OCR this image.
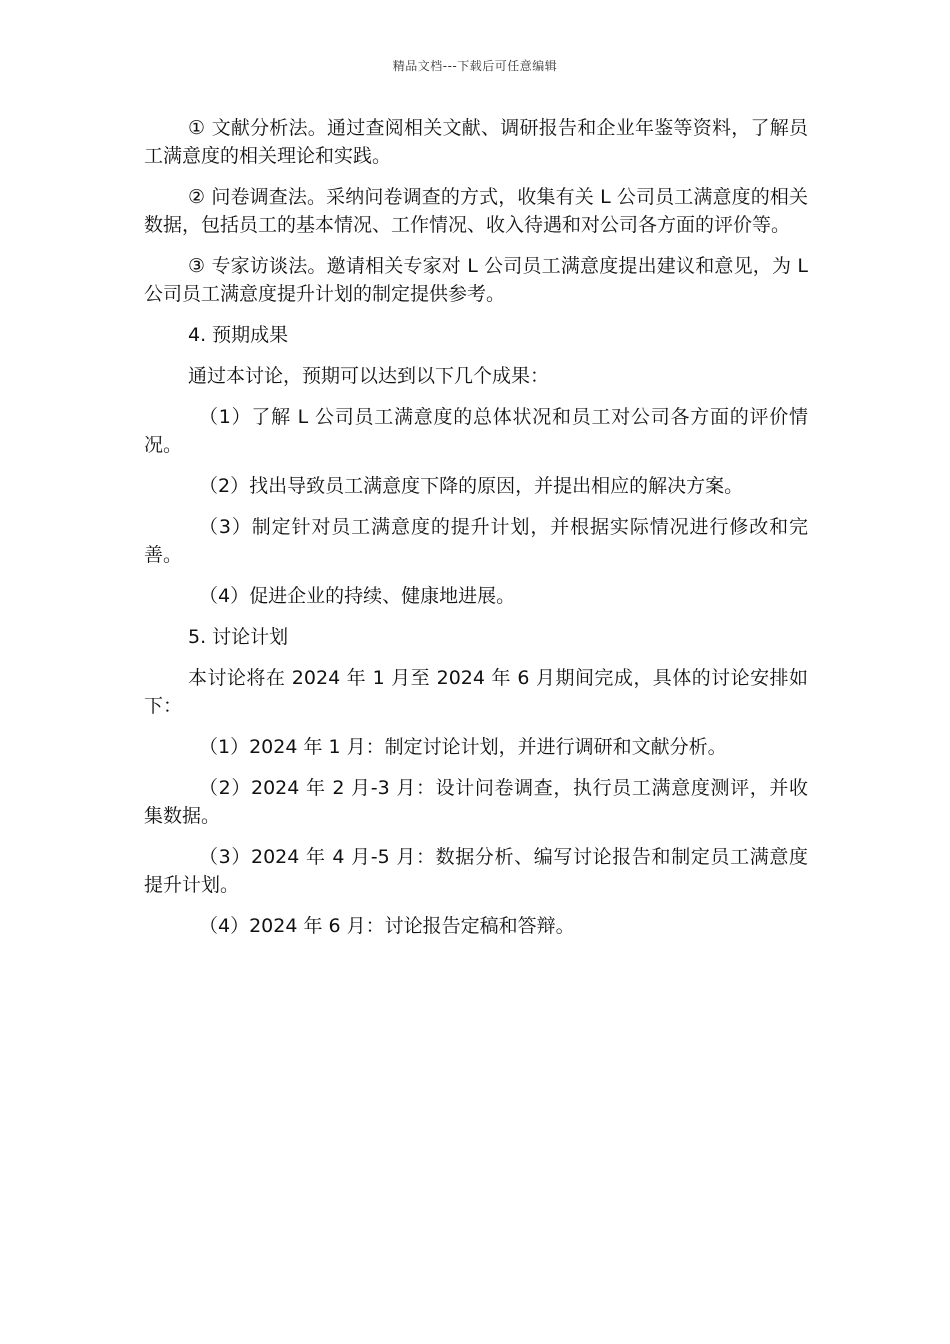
精品文档---下载后可任意编辑

① 文献分析法。通过查阅相关文献、调研报告和企业年鉴等资料，了解员工满意度的相关理论和实践。

② 问卷调查法。采纳问卷调查的方式，收集有关 L 公司员工满意度的相关数据，包括员工的基本情况、工作情况、收入待遇和对公司各方面的评价等。

③ 专家访谈法。邀请相关专家对 L 公司员工满意度提出建议和意见，为 L 公司员工满意度提升计划的制定提供参考。

4. 预期成果

通过本讨论，预期可以达到以下几个成果：

（1）了解 L 公司员工满意度的总体状况和员工对公司各方面的评价情况。

（2）找出导致员工满意度下降的原因，并提出相应的解决方案。

（3）制定针对员工满意度的提升计划，并根据实际情况进行修改和完善。

（4）促进企业的持续、健康地进展。

5. 讨论计划

本讨论将在 2024 年 1 月至 2024 年 6 月期间完成，具体的讨论安排如下：

（1）2024 年 1 月：制定讨论计划，并进行调研和文献分析。

（2）2024 年 2 月-3 月：设计问卷调查，执行员工满意度测评，并收集数据。

（3）2024 年 4 月-5 月：数据分析、编写讨论报告和制定员工满意度提升计划。

（4）2024 年 6 月：讨论报告定稿和答辩。
